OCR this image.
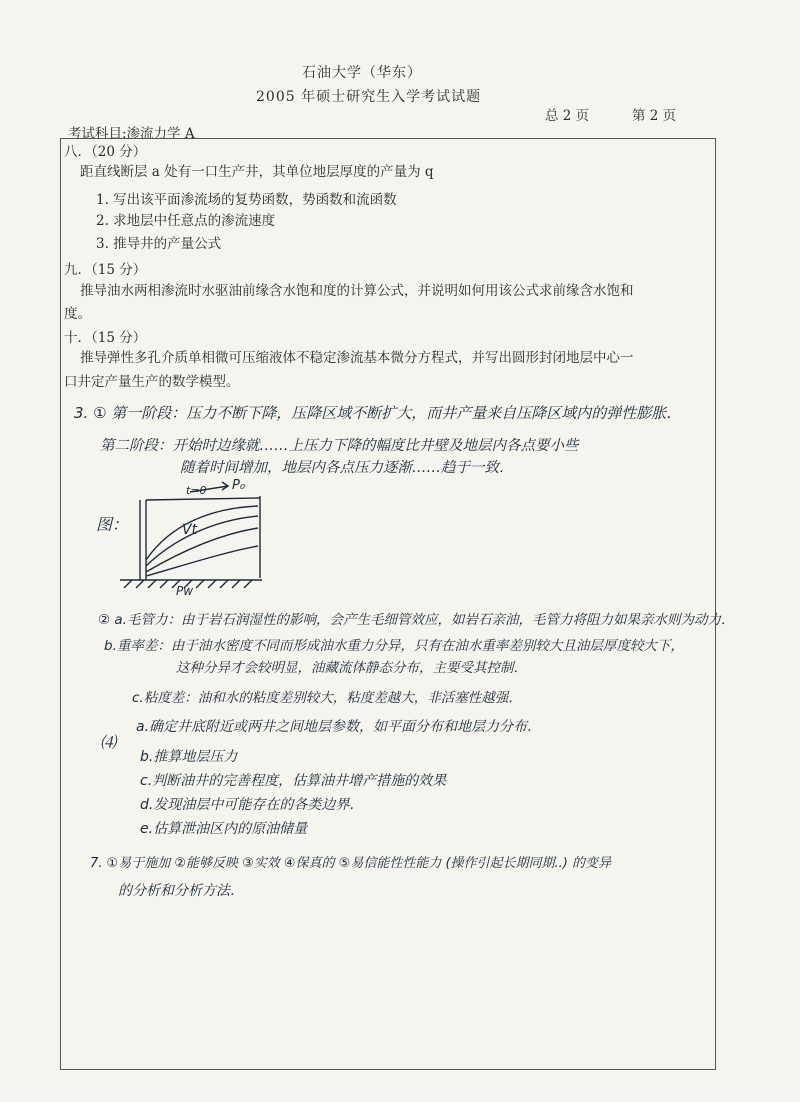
石油大学（华东）
2005 年硕士研究生入学考试试题
总 2 页	第 2 页
考试科目:渗流力学 A
八．（20 分）
距直线断层 a 处有一口生产井，其单位地层厚度的产量为 q
1. 写出该平面渗流场的复势函数，势函数和流函数
2. 求地层中任意点的渗流速度
3. 推导井的产量公式
九．（15 分）
推导油水两相渗流时水驱油前缘含水饱和度的计算公式，并说明如何用该公式求前缘含水饱和
度。
十．（15 分）
推导弹性多孔介质单相微可压缩液体不稳定渗流基本微分方程式，并写出圆形封闭地层中心一
口井定产量生产的数学模型。
3. ① 第一阶段：压力不断下降，压降区域不断扩大，而井产量来自压降区域内的弹性膨胀．
第二阶段：开始时边缘就……上压力下降的幅度比井壁及地层内各点要小些
随着时间增加，地层内各点压力逐渐……趋于一致．
图：
P₀
t=0
Vt
Pw
② a.毛管力：由于岩石润湿性的影响，会产生毛细管效应，如岩石亲油，毛管力将阻力如果亲水则为动力．
b.重率差：由于油水密度不同而形成油水重力分异，只有在油水重率差别较大且油层厚度较大下，
这种分异才会较明显，油藏流体静态分布，主要受其控制．
c.粘度差：油和水的粘度差别较大，粘度差越大，非活塞性越强．
⑷
a.确定井底附近或两井之间地层参数，如平面分布和地层力分布．
b.推算地层压力
c.判断油井的完善程度，估算油井增产措施的效果
d.发现油层中可能存在的各类边界．
e.估算泄油区内的原油储量
7. ①易于施加 ②能够反映 ③实效 ④保真的 ⑤易信能性性能力 (操作引起长期同期..) 的变异
的分析和分析方法．
